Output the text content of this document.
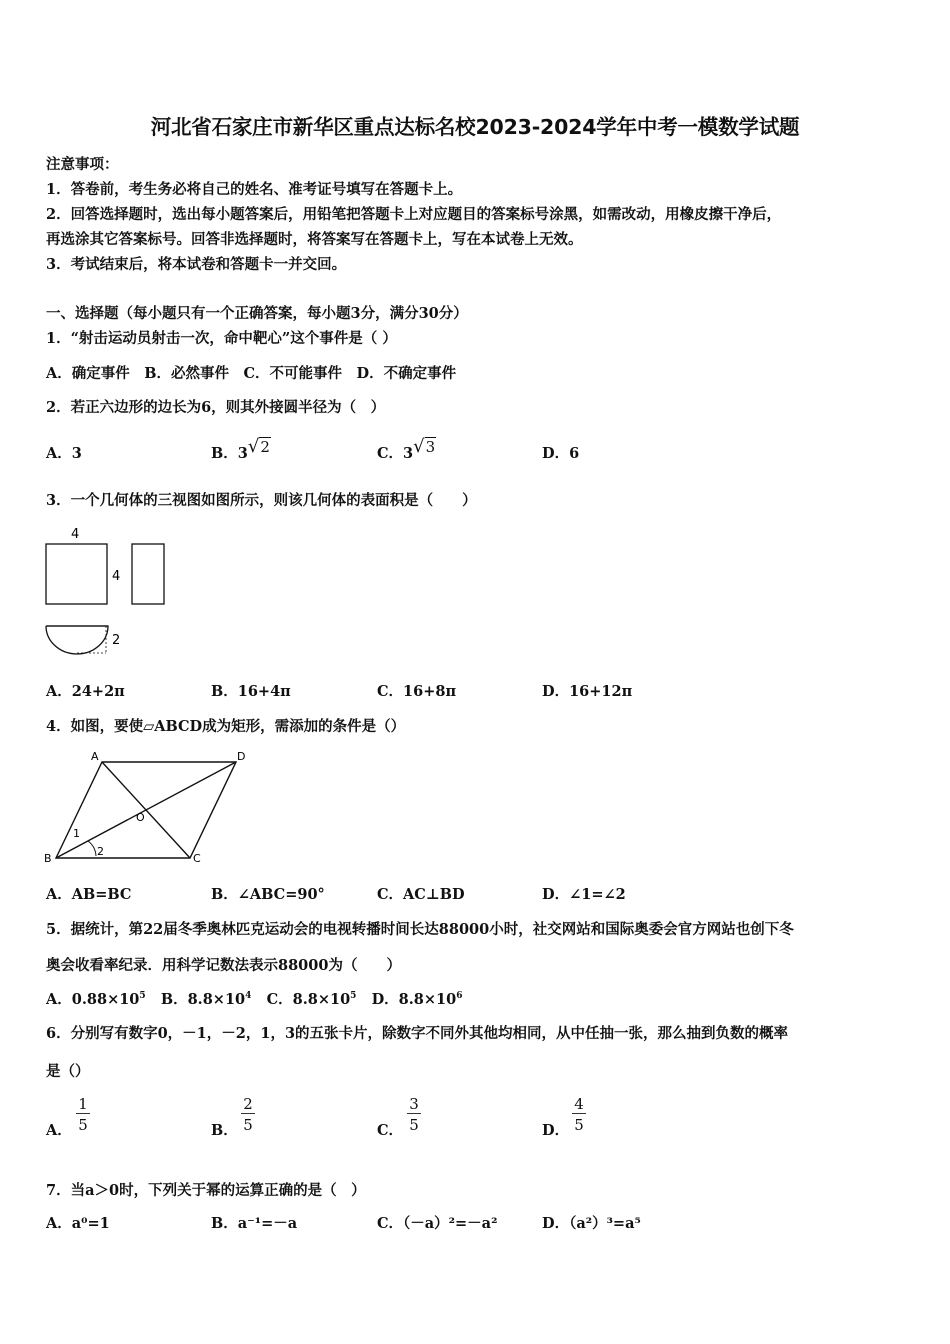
河北省石家庄市新华区重点达标名校2023-2024学年中考一模数学试题
注意事项：
1．答卷前，考生务必将自己的姓名、准考证号填写在答题卡上。
2．回答选择题时，选出每小题答案后，用铅笔把答题卡上对应题目的答案标号涂黑，如需改动，用橡皮擦干净后，
再选涂其它答案标号。回答非选择题时，将答案写在答题卡上，写在本试卷上无效。
3．考试结束后，将本试卷和答题卡一并交回。
一、选择题（每小题只有一个正确答案，每小题3分，满分30分）
1．“射击运动员射击一次，命中靶心”这个事件是（ ）
A．确定事件　B．必然事件　C．不可能事件　D．不确定事件
2．若正六边形的边长为6，则其外接圆半径为（　）
A．3	B．3√2	C．3√3	D．6
3．一个几何体的三视图如图所示，则该几何体的表面积是（　　）
4
4
2
A．24+2π	B．16+4π	C．16+8π	D．16+12π
4．如图，要使▱ABCD成为矩形，需添加的条件是（）
A	D
B	C
O
1
2
A．AB=BC	B．∠ABC=90°	C．AC⊥BD	D．∠1=∠2
5．据统计，第22届冬季奥林匹克运动会的电视转播时间长达88000小时，社交网站和国际奥委会官方网站也创下冬
奥会收看率纪录．用科学记数法表示88000为（　　）
A．$0.88\times 10^5$ B．$8.8\times 10^4$ C．$8.8\times 10^5$ D．$8.8\times 10^6$
6．分别写有数字0，－1，－2，1，3的五张卡片，除数字不同外其他均相同，从中任抽一张，那么抽到负数的概率
是（）
A． $\frac{1}{5}$	B． $\frac{2}{5}$	C． $\frac{3}{5}$	D． $\frac{4}{5}$
7．当a＞0时，下列关于幂的运算正确的是（　）
A．a⁰=1	B．a⁻¹=－a	C．（－a）²=－a²	D．（a²）³=a⁵
